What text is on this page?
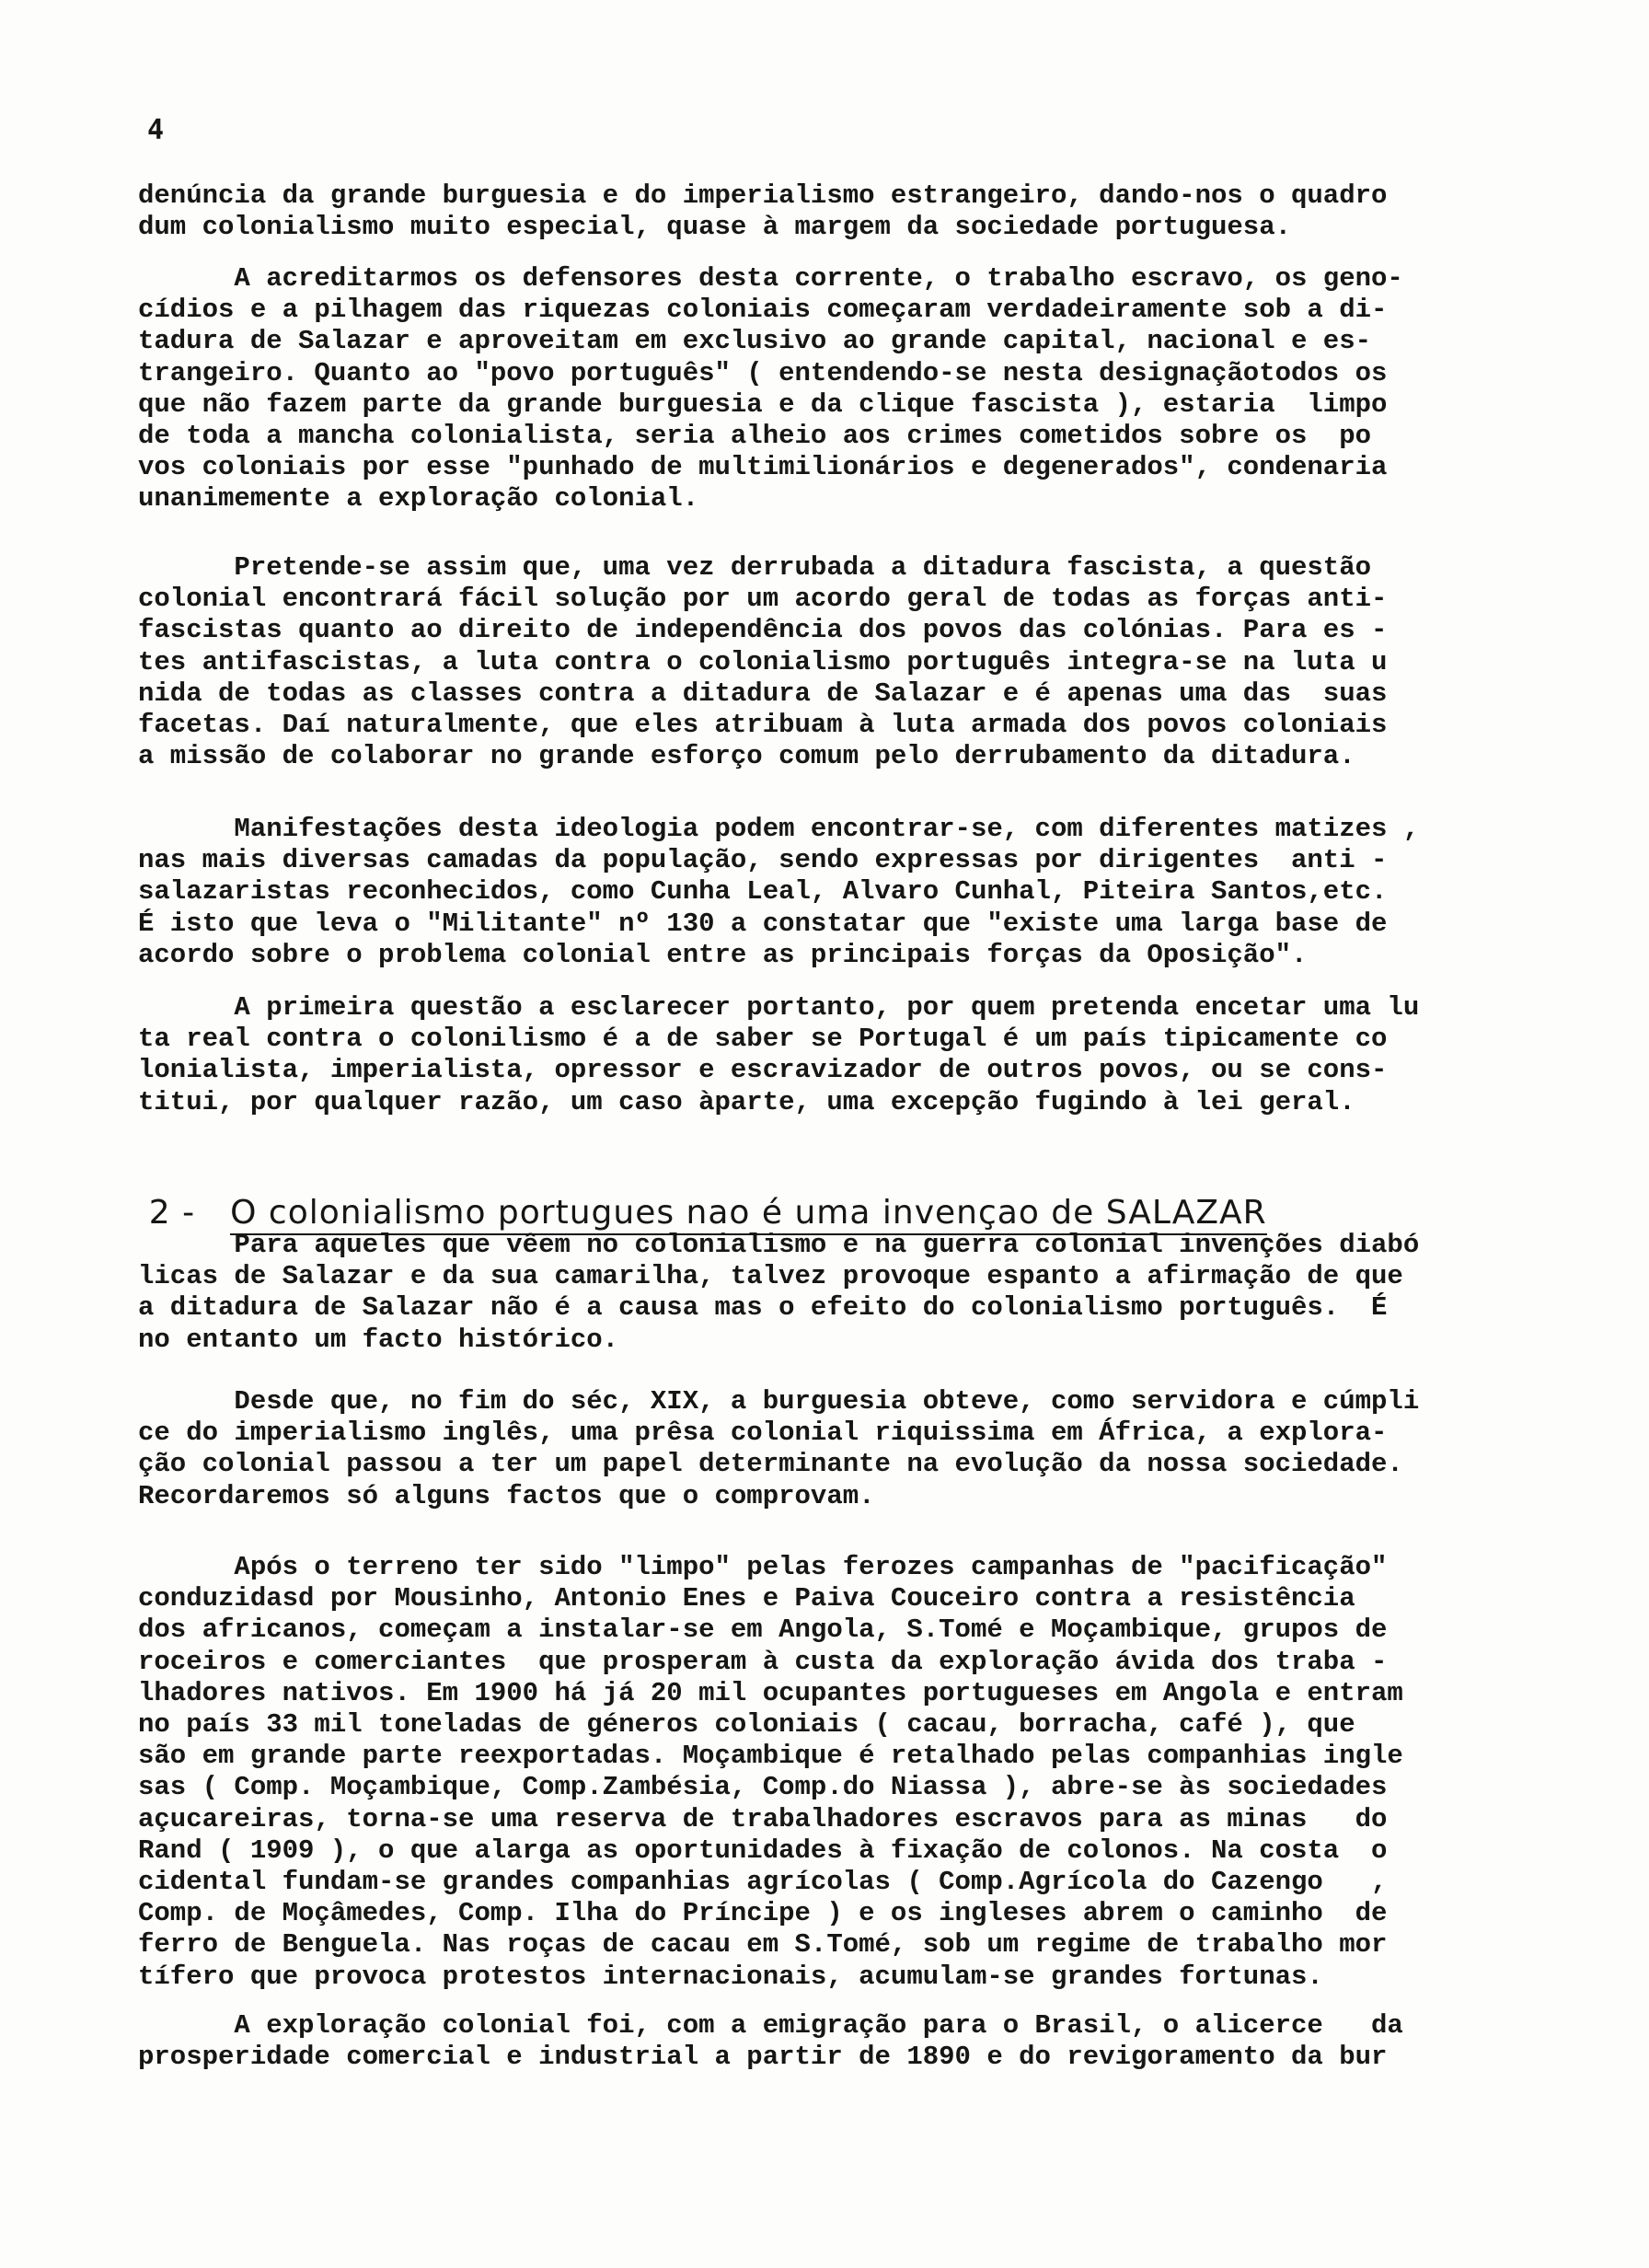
4

denúncia da grande burguesia e do imperialismo estrangeiro, dando-nos o quadro
dum colonialismo muito especial, quase à margem da sociedade portuguesa.

A acreditarmos os defensores desta corrente, o trabalho escravo, os geno-
cídios e a pilhagem das riquezas coloniais começaram verdadeiramente sob a di-
tadura de Salazar e aproveitam em exclusivo ao grande capital, nacional e es-
trangeiro. Quanto ao "povo português" ( entendendo-se nesta designaçãotodos os
que não fazem parte da grande burguesia e da clique fascista ), estaria  limpo
de toda a mancha colonialista, seria alheio aos crimes cometidos sobre os  po
vos coloniais por esse "punhado de multimilionários e degenerados", condenaria
unanimemente a exploração colonial.

Pretende-se assim que, uma vez derrubada a ditadura fascista, a questão
colonial encontrará fácil solução por um acordo geral de todas as forças anti-
fascistas quanto ao direito de independência dos povos das colónias. Para es -
tes antifascistas, a luta contra o colonialismo português integra-se na luta u
nida de todas as classes contra a ditadura de Salazar e é apenas uma das  suas
facetas. Daí naturalmente, que eles atribuam à luta armada dos povos coloniais
a missão de colaborar no grande esforço comum pelo derrubamento da ditadura.

Manifestações desta ideologia podem encontrar-se, com diferentes matizes ,
nas mais diversas camadas da população, sendo expressas por dirigentes  anti -
salazaristas reconhecidos, como Cunha Leal, Alvaro Cunhal, Piteira Santos,etc.
É isto que leva o "Militante" nº 130 a constatar que "existe uma larga base de
acordo sobre o problema colonial entre as principais forças da Oposição".

A primeira questão a esclarecer portanto, por quem pretenda encetar uma lu
ta real contra o colonilismo é a de saber se Portugal é um país tipicamente co
lonialista, imperialista, opressor e escravizador de outros povos, ou se cons-
titui, por qualquer razão, um caso àparte, uma excepção fugindo à lei geral.

2 - O colonialismo portugues nao é uma invençao de SALAZAR

Para aqueles que vêem no colonialismo e na guerra colonial invenções diabó
licas de Salazar e da sua camarilha, talvez provoque espanto a afirmação de que
a ditadura de Salazar não é a causa mas o efeito do colonialismo português.  É
no entanto um facto histórico.

Desde que, no fim do séc, XIX, a burguesia obteve, como servidora e cúmpli
ce do imperialismo inglês, uma prêsa colonial riquissima em África, a explora-
ção colonial passou a ter um papel determinante na evolução da nossa sociedade.
Recordaremos só alguns factos que o comprovam.

Após o terreno ter sido "limpo" pelas ferozes campanhas de "pacificação"
conduzidasd por Mousinho, Antonio Enes e Paiva Couceiro contra a resistência
dos africanos, começam a instalar-se em Angola, S.Tomé e Moçambique, grupos de
roceiros e comerciantes  que prosperam à custa da exploração ávida dos traba -
lhadores nativos. Em 1900 há já 20 mil ocupantes portugueses em Angola e entram
no país 33 mil toneladas de géneros coloniais ( cacau, borracha, café ), que
são em grande parte reexportadas. Moçambique é retalhado pelas companhias ingle
sas ( Comp. Moçambique, Comp.Zambésia, Comp.do Niassa ), abre-se às sociedades
açucareiras, torna-se uma reserva de trabalhadores escravos para as minas   do
Rand ( 1909 ), o que alarga as oportunidades à fixação de colonos. Na costa  o
cidental fundam-se grandes companhias agrícolas ( Comp.Agrícola do Cazengo   ,
Comp. de Moçâmedes, Comp. Ilha do Príncipe ) e os ingleses abrem o caminho  de
ferro de Benguela. Nas roças de cacau em S.Tomé, sob um regime de trabalho mor
tífero que provoca protestos internacionais, acumulam-se grandes fortunas.

A exploração colonial foi, com a emigração para o Brasil, o alicerce   da
prosperidade comercial e industrial a partir de 1890 e do revigoramento da bur
